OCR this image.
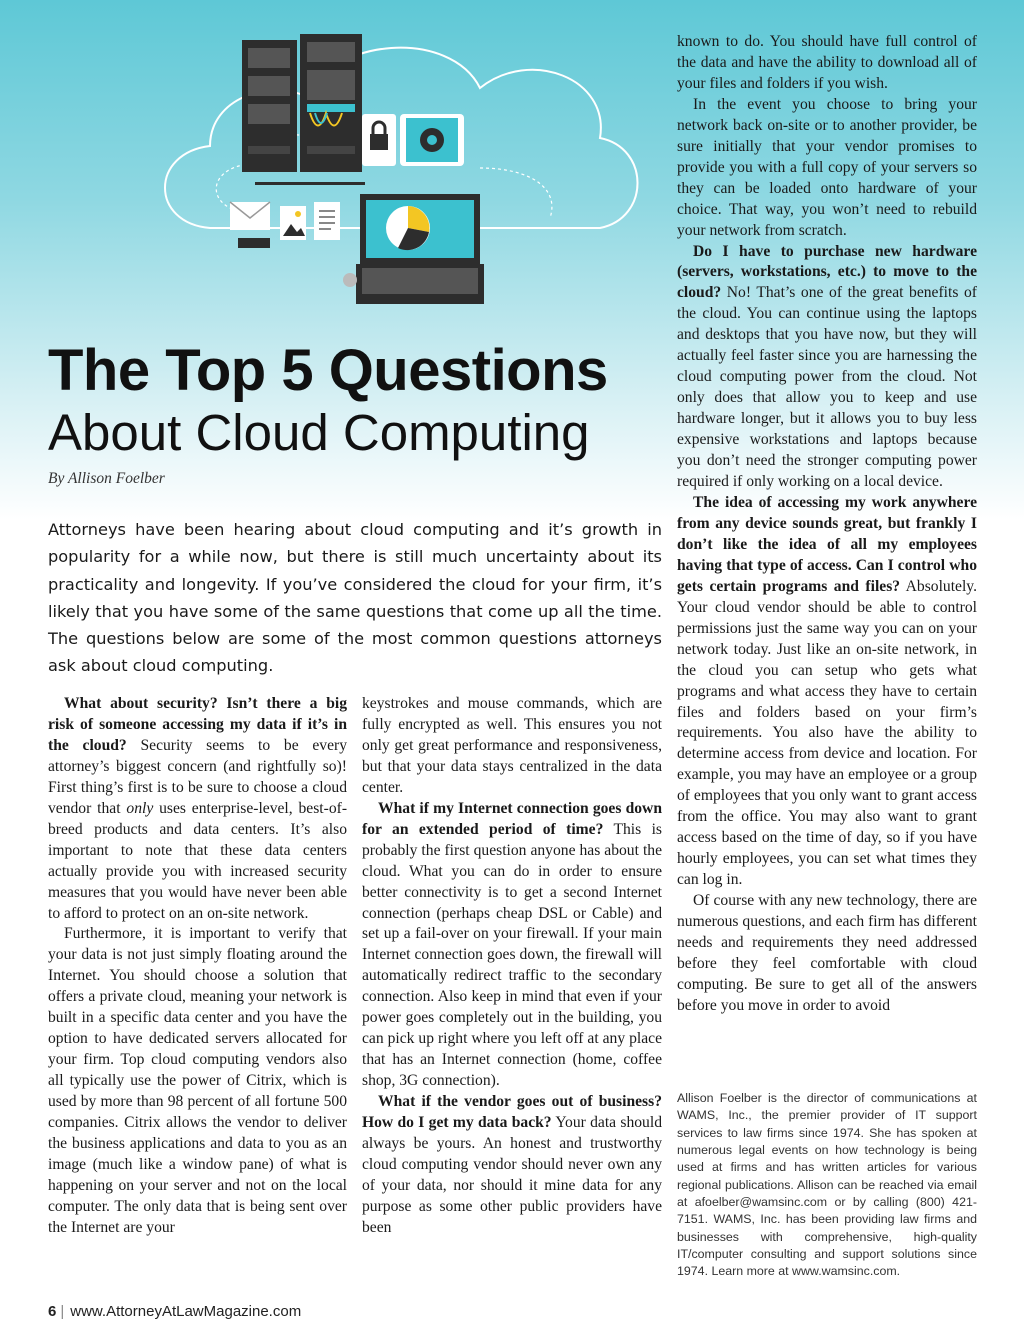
The Top 5 Questions
About Cloud Computing
By Allison Foelber

Attorneys have been hearing about cloud computing and it’s growth in popularity for a while now, but there is still much uncertainty about its practicality and longevity. If you’ve considered the cloud for your firm, it’s likely that you have some of the same questions that come up all the time. The questions below are some of the most common questions attorneys ask about cloud computing.

What about security? Isn’t there a big risk of someone accessing my data if it’s in the cloud? Security seems to be every attorney’s biggest concern (and rightfully so)! First thing’s first is to be sure to choose a cloud vendor that only uses enterprise-level, best-of-breed products and data centers. It’s also important to note that these data centers actually provide you with increased security measures that you would have never been able to afford to protect on an on-site network.

Furthermore, it is important to verify that your data is not just simply floating around the Internet. You should choose a solution that offers a private cloud, meaning your network is built in a specific data center and you have the option to have dedicated servers allocated for your firm. Top cloud computing vendors also all typically use the power of Citrix, which is used by more than 98 percent of all fortune 500 companies. Citrix allows the vendor to deliver the business applications and data to you as an image (much like a window pane) of what is happening on your server and not on the local computer. The only data that is being sent over the Internet are your

keystrokes and mouse commands, which are fully encrypted as well. This ensures you not only get great performance and responsiveness, but that your data stays centralized in the data center.

What if my Internet connection goes down for an extended period of time? This is probably the first question anyone has about the cloud. What you can do in order to ensure better connectivity is to get a second Internet connection (perhaps cheap DSL or Cable) and set up a fail-over on your firewall. If your main Internet connection goes down, the firewall will automatically redirect traffic to the secondary connection. Also keep in mind that even if your power goes completely out in the building, you can pick up right where you left off at any place that has an Internet connection (home, coffee shop, 3G connection).

What if the vendor goes out of business? How do I get my data back? Your data should always be yours. An honest and trustworthy cloud computing vendor should never own any of your data, nor should it mine data for any purpose as some other public providers have been

known to do. You should have full control of the data and have the ability to download all of your files and folders if you wish.

In the event you choose to bring your network back on-site or to another provider, be sure initially that your vendor promises to provide you with a full copy of your servers so they can be loaded onto hardware of your choice. That way, you won’t need to rebuild your network from scratch.

Do I have to purchase new hardware (servers, workstations, etc.) to move to the cloud? No! That’s one of the great benefits of the cloud. You can continue using the laptops and desktops that you have now, but they will actually feel faster since you are harnessing the cloud computing power from the cloud. Not only does that allow you to keep and use hardware longer, but it allows you to buy less expensive workstations and laptops because you don’t need the stronger computing power required if only working on a local device.

The idea of accessing my work anywhere from any device sounds great, but frankly I don’t like the idea of all my employees having that type of access. Can I control who gets certain programs and files? Absolutely. Your cloud vendor should be able to control permissions just the same way you can on your network today. Just like an on-site network, in the cloud you can setup who gets what programs and what access they have to certain files and folders based on your firm’s requirements. You also have the ability to determine access from device and location. For example, you may have an employee or a group of employees that you only want to grant access from the office. You may also want to grant access based on the time of day, so if you have hourly employees, you can set what times they can log in.

Of course with any new technology, there are numerous questions, and each firm has different needs and requirements they need addressed before they feel comfortable with cloud computing. Be sure to get all of the answers before you move in order to avoid

Allison Foelber is the director of communications at WAMS, Inc., the premier provider of IT support services to law firms since 1974. She has spoken at numerous legal events on how technology is being used at firms and has written articles for various regional publications. Allison can be reached via email at afoelber@wamsinc.com or by calling (800) 421-7151. WAMS, Inc. has been providing law firms and businesses with comprehensive, high-quality IT/computer consulting and support solutions since 1974. Learn more at www.wamsinc.com.

6 | www.AttorneyAtLawMagazine.com
